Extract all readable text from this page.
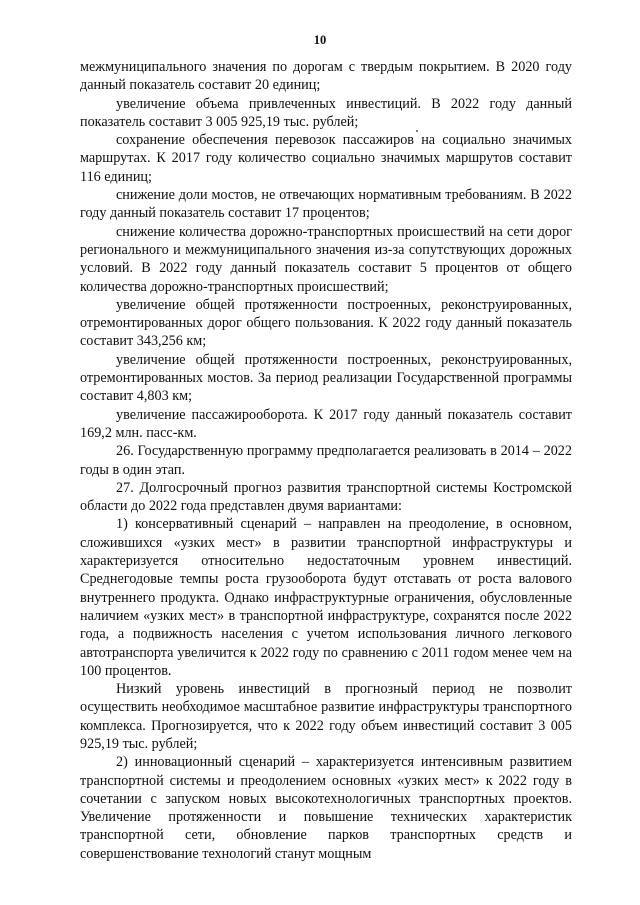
10

межмуниципального значения по дорогам с твердым покрытием. В 2020 году данный показатель составит 20 единиц;

увеличение объема привлеченных инвестиций. В 2022 году данный показатель составит 3 005 925,19 тыс. рублей;

сохранение обеспечения перевозок пассажиров на социально значимых маршрутах. К 2017 году количество социально значимых маршрутов составит 116 единиц;

снижение доли мостов, не отвечающих нормативным требованиям. В 2022 году данный показатель составит 17 процентов;

снижение количества дорожно-транспортных происшествий на сети дорог регионального и межмуниципального значения из-за сопутствующих дорожных условий. В 2022 году данный показатель составит 5 процентов от общего количества дорожно-транспортных происшествий;

увеличение общей протяженности построенных, реконструированных, отремонтированных дорог общего пользования. К 2022 году данный показатель составит 343,256 км;

увеличение общей протяженности построенных, реконструированных, отремонтированных мостов. За период реализации Государственной программы составит 4,803 км;

увеличение пассажирооборота. К 2017 году данный показатель составит 169,2 млн. пасс-км.

26. Государственную программу предполагается реализовать в 2014 – 2022 годы в один этап.

27. Долгосрочный прогноз развития транспортной системы Костромской области до 2022 года представлен двумя вариантами:

1) консервативный сценарий – направлен на преодоление, в основном, сложившихся «узких мест» в развитии транспортной инфраструктуры и характеризуется относительно недостаточным уровнем инвестиций. Среднегодовые темпы роста грузооборота будут отставать от роста валового внутреннего продукта. Однако инфраструктурные ограничения, обусловленные наличием «узких мест» в транспортной инфраструктуре, сохранятся после 2022 года, а подвижность населения с учетом использования личного легкового автотранспорта увеличится к 2022 году по сравнению с 2011 годом менее чем на 100 процентов.

Низкий уровень инвестиций в прогнозный период не позволит осуществить необходимое масштабное развитие инфраструктуры транспортного комплекса. Прогнозируется, что к 2022 году объем инвестиций составит 3 005 925,19 тыс. рублей;

2) инновационный сценарий – характеризуется интенсивным развитием транспортной системы и преодолением основных «узких мест» к 2022 году в сочетании с запуском новых высокотехнологичных транспортных проектов. Увеличение протяженности и повышение технических характеристик транспортной сети, обновление парков транспортных средств и совершенствование технологий станут мощным
